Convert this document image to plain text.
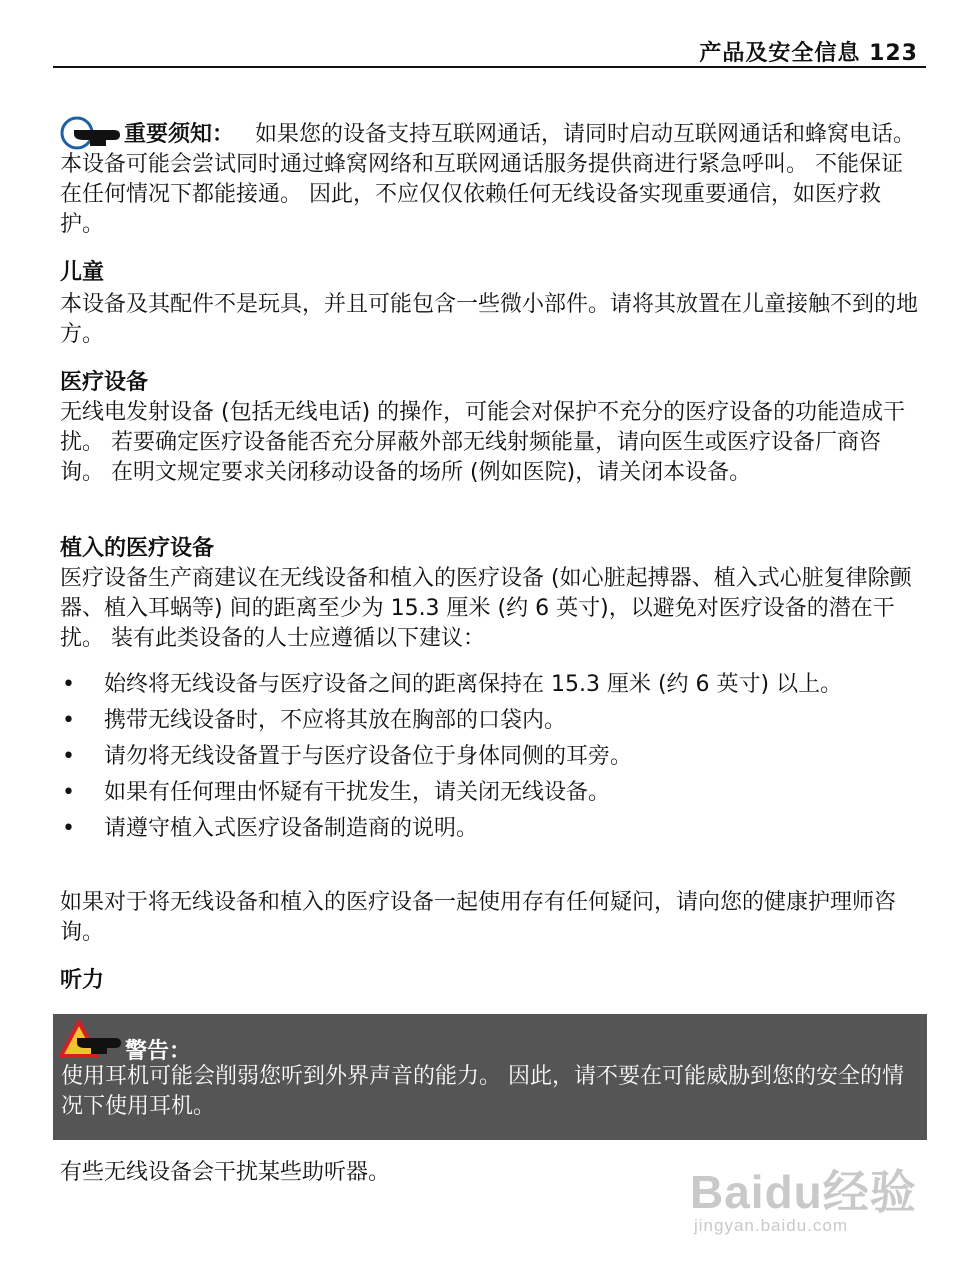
产品及安全信息 123
重要须知： 如果您的设备支持互联网通话，请同时启动互联网通话和蜂窝电话。 本设备可能会尝试同时通过蜂窝网络和互联网通话服务提供商进行紧急呼叫。 不能保证在任何情况下都能接通。 因此，不应仅仅依赖任何无线设备实现重要通信，如医疗救护。
儿童
本设备及其配件不是玩具，并且可能包含一些微小部件。请将其放置在儿童接触不到的地方。
医疗设备
无线电发射设备 (包括无线电话) 的操作，可能会对保护不充分的医疗设备的功能造成干扰。 若要确定医疗设备能否充分屏蔽外部无线射频能量，请向医生或医疗设备厂商咨询。 在明文规定要求关闭移动设备的场所 (例如医院)，请关闭本设备。
植入的医疗设备
医疗设备生产商建议在无线设备和植入的医疗设备 (如心脏起搏器、植入式心脏复律除颤器、植入耳蜗等) 间的距离至少为 15.3 厘米 (约 6 英寸)，以避免对医疗设备的潜在干扰。 装有此类设备的人士应遵循以下建议：
• 始终将无线设备与医疗设备之间的距离保持在 15.3 厘米 (约 6 英寸) 以上。
• 携带无线设备时，不应将其放在胸部的口袋内。
• 请勿将无线设备置于与医疗设备位于身体同侧的耳旁。
• 如果有任何理由怀疑有干扰发生，请关闭无线设备。
• 请遵守植入式医疗设备制造商的说明。
如果对于将无线设备和植入的医疗设备一起使用存有任何疑问，请向您的健康护理师咨询。
听力
警告：
使用耳机可能会削弱您听到外界声音的能力。 因此，请不要在可能威胁到您的安全的情况下使用耳机。
有些无线设备会干扰某些助听器。	Baidu经验
jingyan.baidu.com
